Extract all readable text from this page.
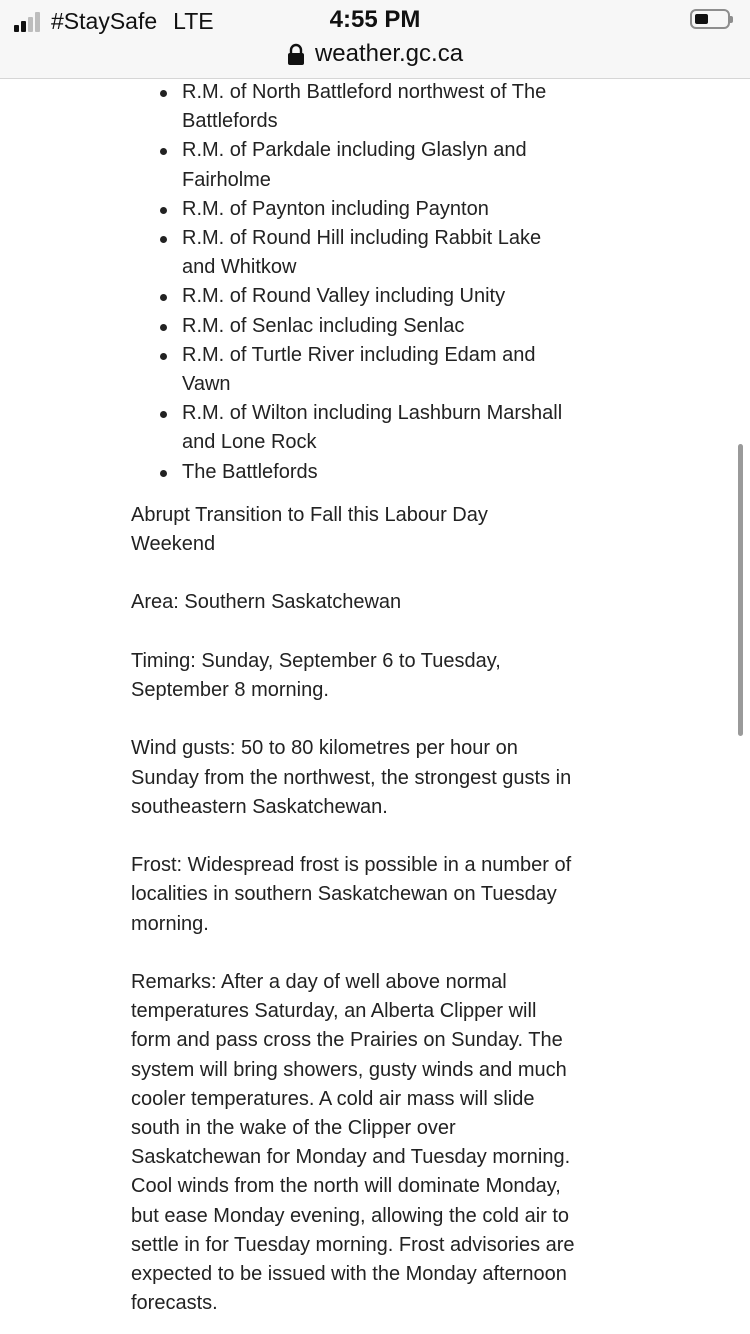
#StaySafe LTE	4:55 PM
weather.gc.ca
R.M. of North Battleford northwest of The Battlefords
R.M. of Parkdale including Glaslyn and Fairholme
R.M. of Paynton including Paynton
R.M. of Round Hill including Rabbit Lake and Whitkow
R.M. of Round Valley including Unity
R.M. of Senlac including Senlac
R.M. of Turtle River including Edam and Vawn
R.M. of Wilton including Lashburn Marshall and Lone Rock
The Battlefords

Abrupt Transition to Fall this Labour Day Weekend

Area: Southern Saskatchewan

Timing: Sunday, September 6 to Tuesday, September 8 morning.

Wind gusts: 50 to 80 kilometres per hour on Sunday from the northwest, the strongest gusts in southeastern Saskatchewan.

Frost: Widespread frost is possible in a number of localities in southern Saskatchewan on Tuesday morning.

Remarks: After a day of well above normal temperatures Saturday, an Alberta Clipper will form and pass cross the Prairies on Sunday. The system will bring showers, gusty winds and much cooler temperatures. A cold air mass will slide south in the wake of the Clipper over Saskatchewan for Monday and Tuesday morning. Cool winds from the north will dominate Monday, but ease Monday evening, allowing the cold air to settle in for Tuesday morning. Frost advisories are expected to be issued with the Monday afternoon forecasts.
